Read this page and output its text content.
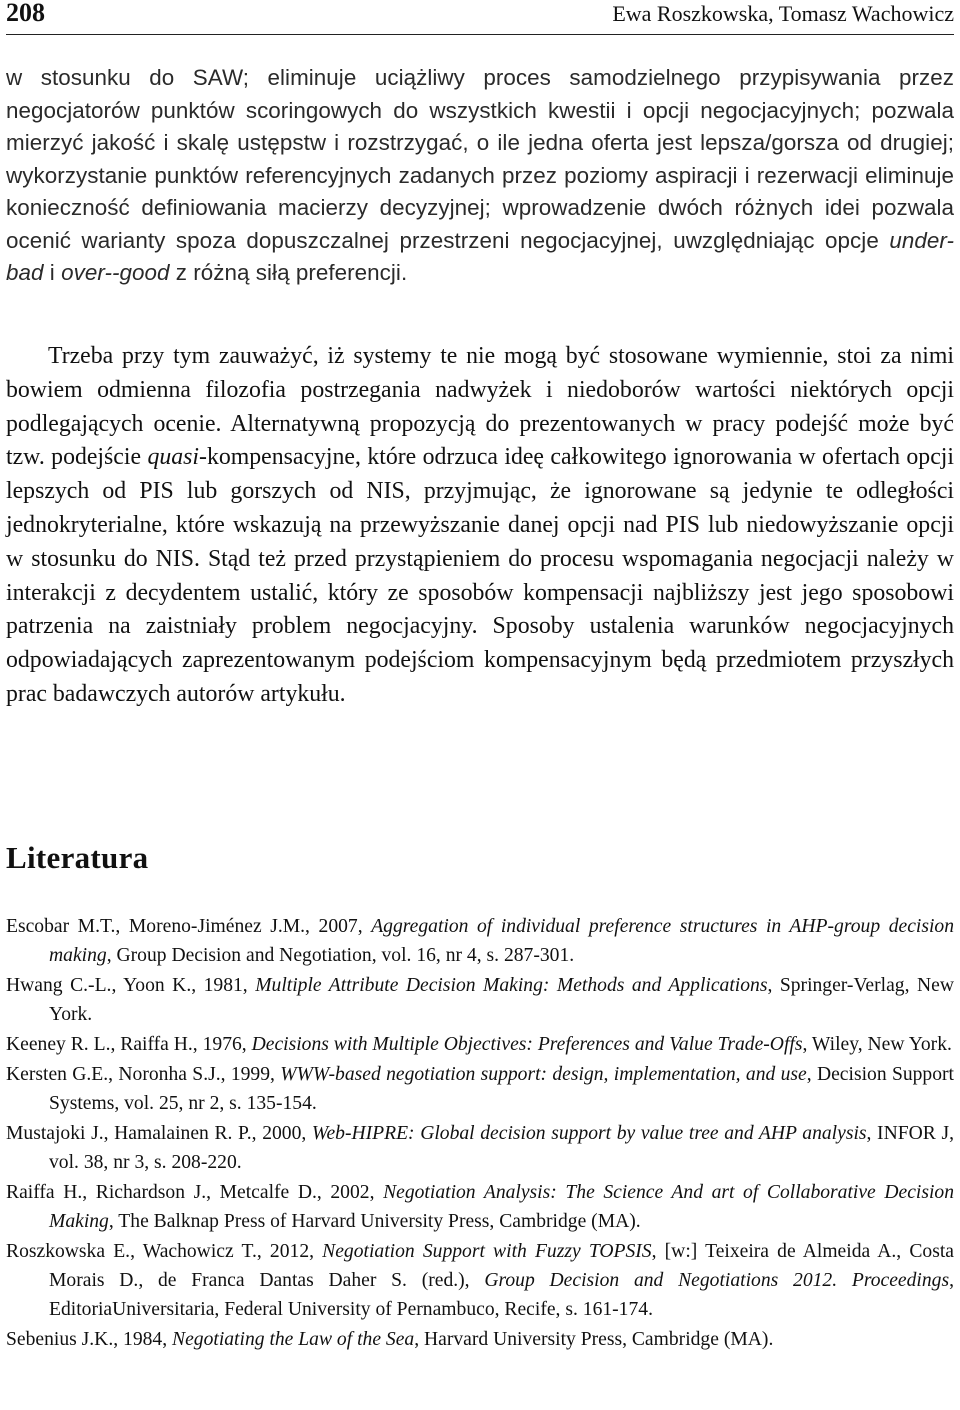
208	Ewa Roszkowska, Tomasz Wachowicz

w stosunku do SAW; eliminuje uciążliwy proces samodzielnego przypisywania przez negocjatorów punktów scoringowych do wszystkich kwestii i opcji negocjacyjnych; pozwala mierzyć jakość i skalę ustępstw i rozstrzygać, o ile jedna oferta jest lepsza/gorsza od drugiej; wykorzystanie punktów referencyjnych zadanych przez poziomy aspiracji i rezerwacji eliminuje konieczność definiowania macierzy decyzyjnej; wprowadzenie dwóch różnych idei pozwala ocenić warianty spoza dopuszczalnej przestrzeni negocjacyjnej, uwzględniając opcje under-bad i over--good z różną siłą preferencji.

Trzeba przy tym zauważyć, iż systemy te nie mogą być stosowane wymiennie, stoi za nimi bowiem odmienna filozofia postrzegania nadwyżek i niedoborów wartości niektórych opcji podlegających ocenie. Alternatywną propozycją do prezentowanych w pracy podejść może być tzw. podejście quasi-kompensacyjne, które odrzuca ideę całkowitego ignorowania w ofertach opcji lepszych od PIS lub gorszych od NIS, przyjmując, że ignorowane są jedynie te odległości jednokryterialne, które wskazują na przewyższanie danej opcji nad PIS lub niedowyższanie opcji w stosunku do NIS. Stąd też przed przystąpieniem do procesu wspomagania negocjacji należy w interakcji z decydentem ustalić, który ze sposobów kompensacji najbliższy jest jego sposobowi patrzenia na zaistniały problem negocjacyjny. Sposoby ustalenia warunków negocjacyjnych odpowiadających zaprezentowanym podejściom kompensacyjnym będą przedmiotem przyszłych prac badawczych autorów artykułu.

Literatura
Escobar M.T., Moreno-Jiménez J.M., 2007, Aggregation of individual preference structures in AHP-group decision making, Group Decision and Negotiation, vol. 16, nr 4, s. 287-301.
Hwang C.-L., Yoon K., 1981, Multiple Attribute Decision Making: Methods and Applications, Springer-Verlag, New York.
Keeney R. L., Raiffa H., 1976, Decisions with Multiple Objectives: Preferences and Value Trade-Offs, Wiley, New York.
Kersten G.E., Noronha S.J., 1999, WWW-based negotiation support: design, implementation, and use, Decision Support Systems, vol. 25, nr 2, s. 135-154.
Mustajoki J., Hamalainen R. P., 2000, Web-HIPRE: Global decision support by value tree and AHP analysis, INFOR J, vol. 38, nr 3, s. 208-220.
Raiffa H., Richardson J., Metcalfe D., 2002, Negotiation Analysis: The Science And art of Collaborative Decision Making, The Balknap Press of Harvard University Press, Cambridge (MA).
Roszkowska E., Wachowicz T., 2012, Negotiation Support with Fuzzy TOPSIS, [w:] Teixeira de Almeida A., Costa Morais D., de Franca Dantas Daher S. (red.), Group Decision and Negotiations 2012. Proceedings, EditoriaUniversitaria, Federal University of Pernambuco, Recife, s. 161-174.
Sebenius J.K., 1984, Negotiating the Law of the Sea, Harvard University Press, Cambridge (MA).
